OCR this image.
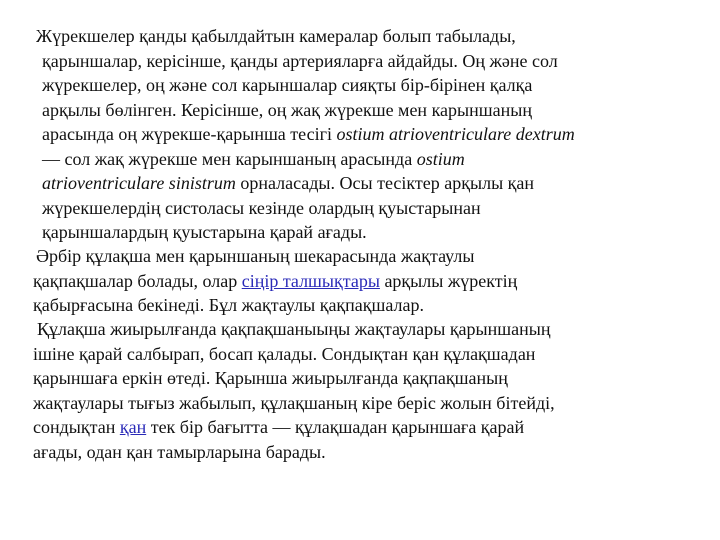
Жүрекшелер қанды қабылдайтын камералар болып табылады,
қарыншалар, керісінше, қанды артерияларға айдайды. Оң және сол
жүрекшелер, оң және сол карыншалар сияқты бір-бірінен қалқа
арқылы бөлінген. Керісінше, оң жақ жүрекше мен карыншаның
арасында оң жүрекше-қарынша тесігі ostium atrioventriculare dextrum
— сол жақ жүрекше мен карыншаның арасында ostium
atrioventriculare sinistrum орналасады. Осы тесіктер арқылы қан
жүрекшелердің систоласы кезінде олардың қуыстарынан
қарыншалардың қуыстарына қарай ағады.
Әрбір құлақша мен қарыншаның шекарасында жақтаулы
қақпақшалар болады, олар сіңір талшықтары арқылы жүректің
қабырғасына бекінеді. Бұл жақтаулы қақпақшалар.
Құлақша жиырылғанда қақпақшаныыңы жақтаулары қарыншаның
ішіне қарай салбырап, босап қалады. Сондықтан қан құлақшадан
қарыншаға еркін өтеді. Қарынша жиырылғанда қақпақшаның
жақтаулары тығыз жабылып, құлақшаның кіре беріс жолын бітейді,
сондықтан қан тек бір бағытта — құлақшадан қарыншаға қарай
ағады, одан қан тамырларына барады.
